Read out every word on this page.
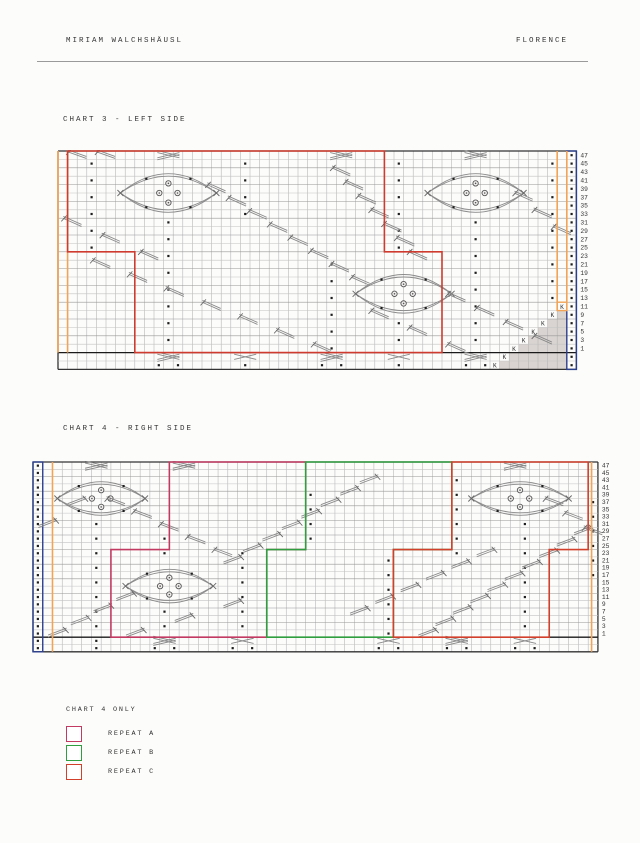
MIRIAM WALCHSHÄUSL	FLORENCE
CHART 3 - LEFT SIDE
K
K
K
K
K
K
K
K
47
45
43
41
39
37
35
33
31
29
27
25
23
21
19
17
15
13
11
9
7
5
3
1
CHART 4 - RIGHT SIDE
47
45
43
41
39
37
35
33
31
29
27
25
23
21
19
17
15
13
11
9
7
5
3
1
CHART 4 ONLY
REPEAT A
REPEAT B
REPEAT C
